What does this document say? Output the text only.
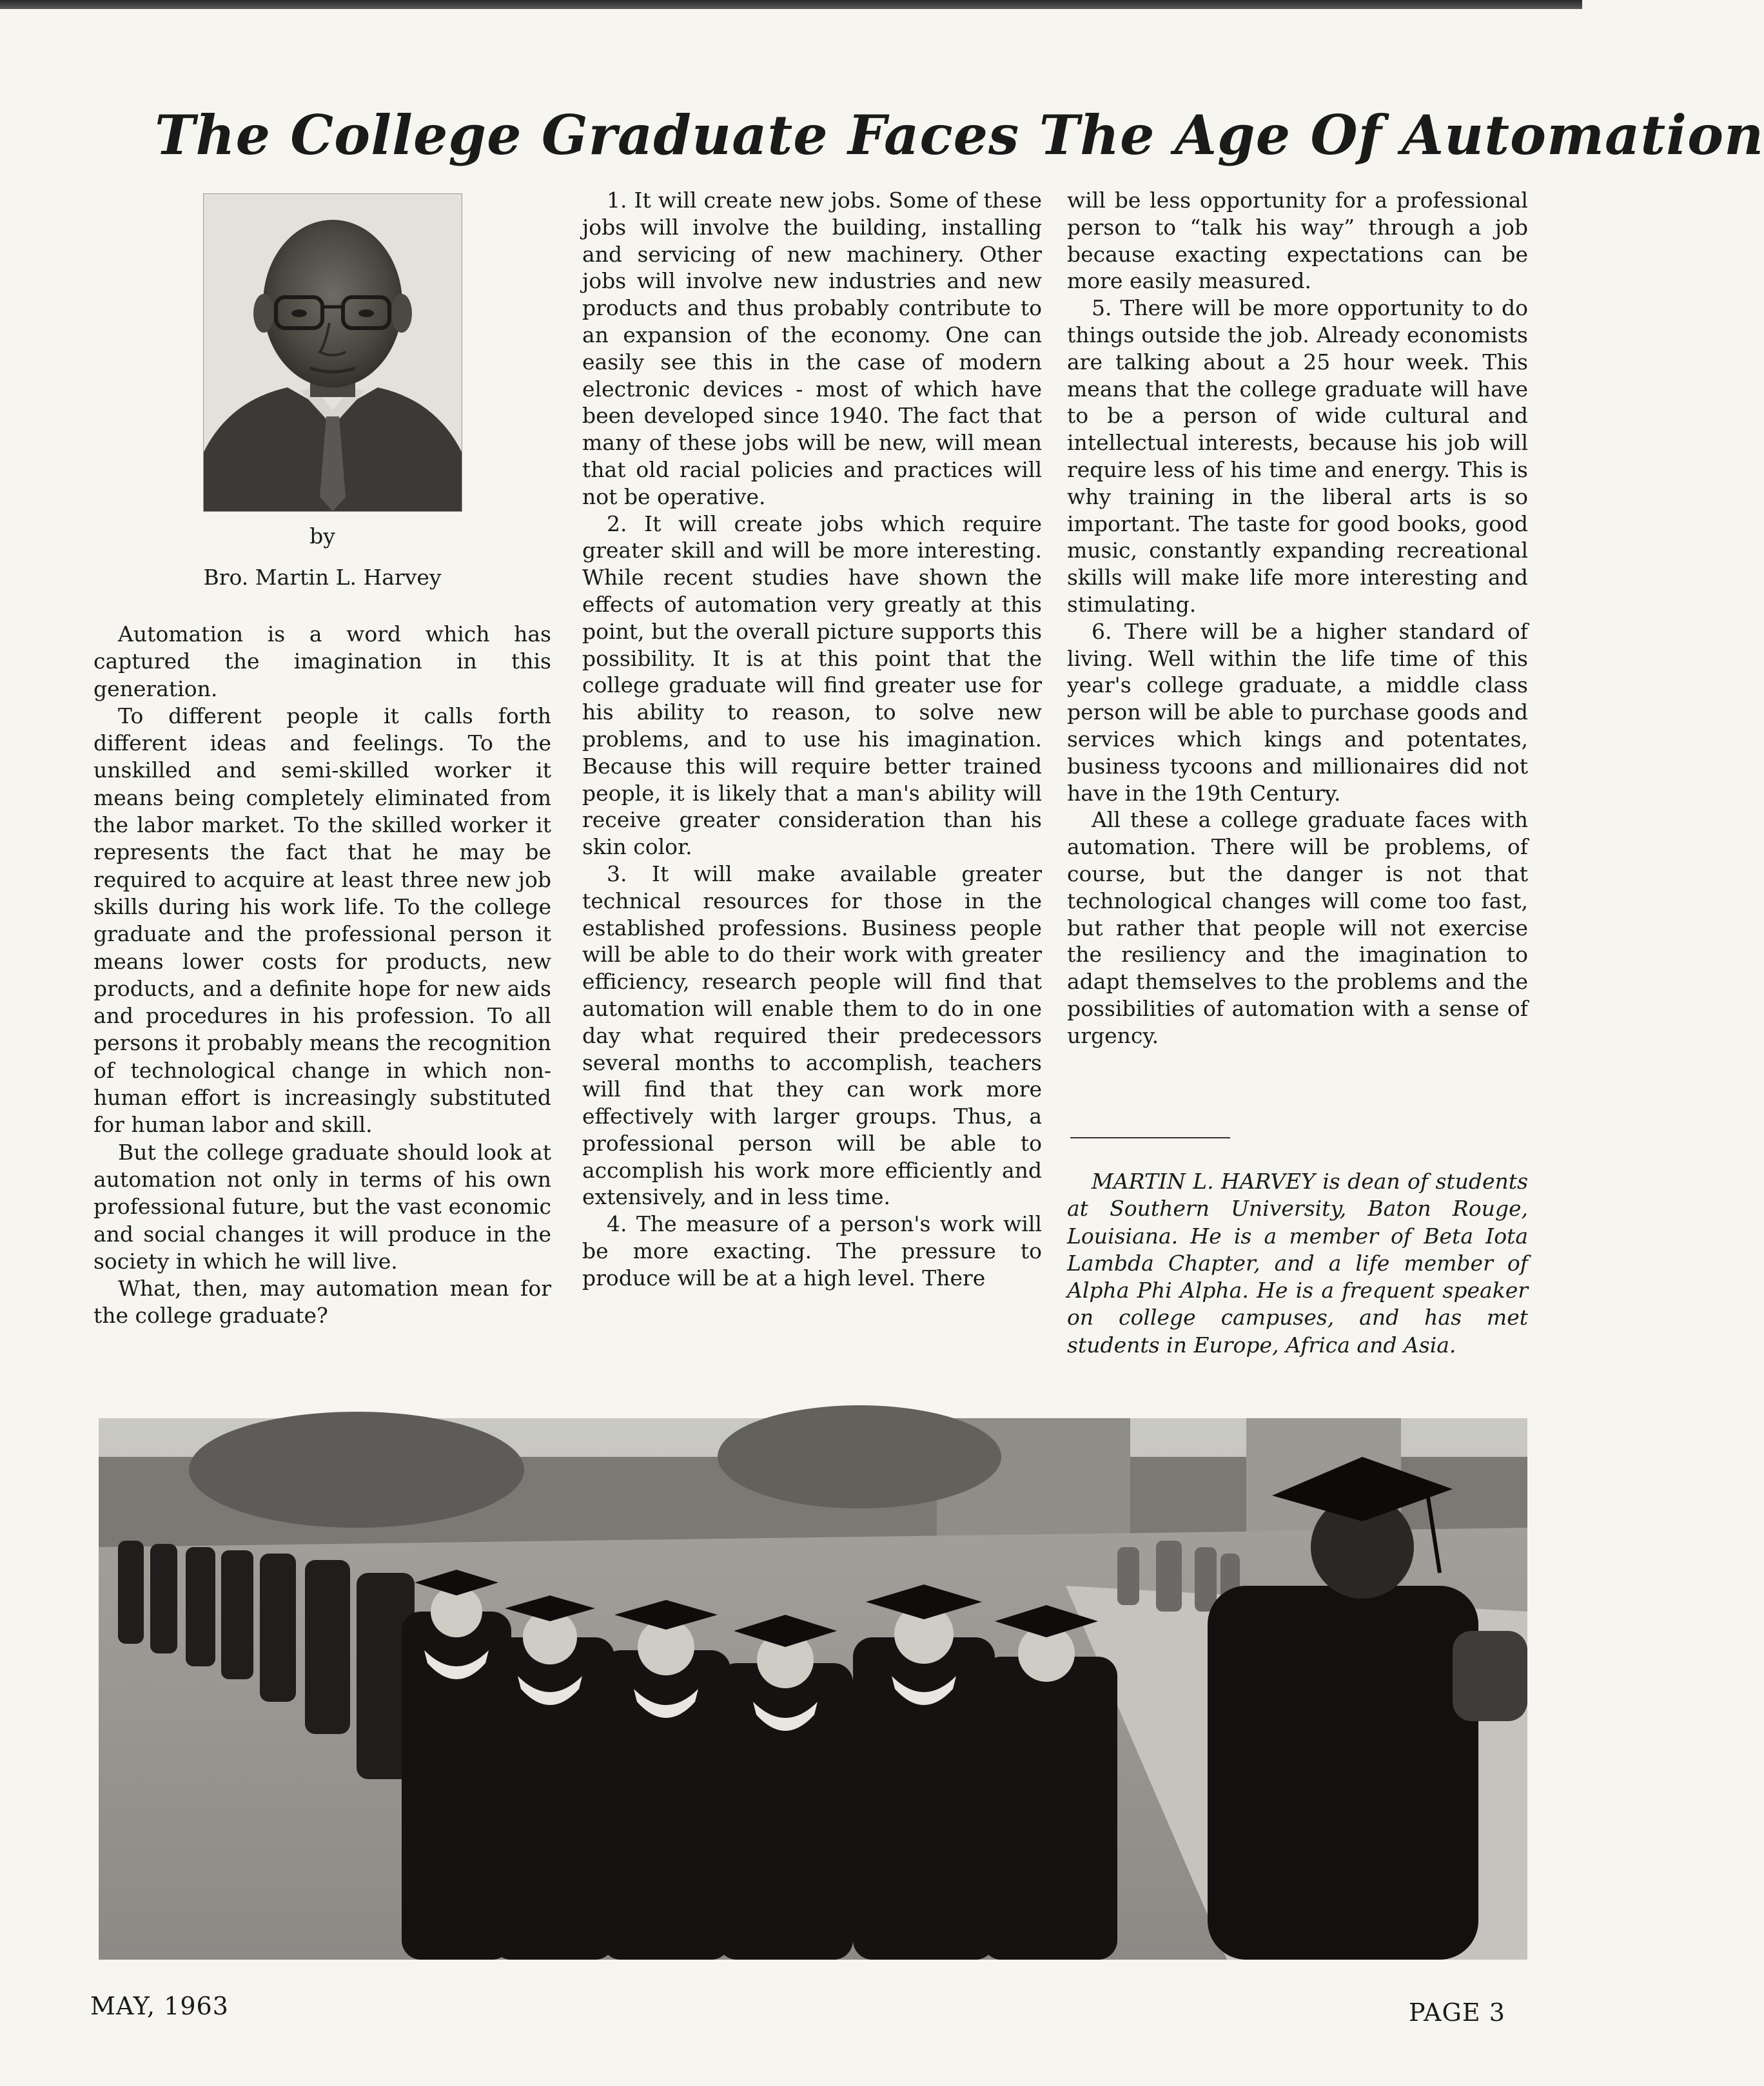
The College Graduate Faces The Age Of Automation
by
Bro. Martin L. Harvey

Automation is a word which has captured the imagination in this generation.

To different people it calls forth different ideas and feelings. To the unskilled and semi-skilled worker it means being completely eliminated from the labor market. To the skilled worker it represents the fact that he may be required to acquire at least three new job skills during his work life. To the college graduate and the professional person it means lower costs for products, new products, and a definite hope for new aids and procedures in his profession. To all persons it probably means the recognition of technological change in which non-human effort is increasingly substituted for human labor and skill.

But the college graduate should look at automation not only in terms of his own professional future, but the vast economic and social changes it will produce in the society in which he will live.

What, then, may automation mean for the college graduate?

1. It will create new jobs. Some of these jobs will involve the building, installing and servicing of new machinery. Other jobs will involve new industries and new products and thus probably contribute to an expansion of the economy. One can easily see this in the case of modern electronic devices - most of which have been developed since 1940. The fact that many of these jobs will be new, will mean that old racial policies and practices will not be operative.

2. It will create jobs which require greater skill and will be more interesting. While recent studies have shown the effects of automation very greatly at this point, but the overall picture supports this possibility. It is at this point that the college graduate will find greater use for his ability to reason, to solve new problems, and to use his imagination. Because this will require better trained people, it is likely that a man's ability will receive greater consideration than his skin color.

3. It will make available greater technical resources for those in the established professions. Business people will be able to do their work with greater efficiency, research people will find that automation will enable them to do in one day what required their predecessors several months to accomplish, teachers will find that they can work more effectively with larger groups. Thus, a professional person will be able to accomplish his work more efficiently and extensively, and in less time.

4. The measure of a person's work will be more exacting. The pressure to produce will be at a high level. There

will be less opportunity for a professional person to “talk his way” through a job because exacting expectations can be more easily measured.

5. There will be more opportunity to do things outside the job. Already economists are talking about a 25 hour week. This means that the college graduate will have to be a person of wide cultural and intellectual interests, because his job will require less of his time and energy. This is why training in the liberal arts is so important. The taste for good books, good music, constantly expanding recreational skills will make life more interesting and stimulating.

6. There will be a higher standard of living. Well within the life time of this year's college graduate, a middle class person will be able to purchase goods and services which kings and potentates, business tycoons and millionaires did not have in the 19th Century.

All these a college graduate faces with automation. There will be problems, of course, but the danger is not that technological changes will come too fast, but rather that people will not exercise the resiliency and the imagination to adapt themselves to the problems and the possibilities of automation with a sense of urgency.

MARTIN L. HARVEY is dean of students at Southern University, Baton Rouge, Louisiana. He is a member of Beta Iota Lambda Chapter, and a life member of Alpha Phi Alpha. He is a frequent speaker on college campuses, and has met students in Europe, Africa and Asia.

MAY, 1963	PAGE 3
